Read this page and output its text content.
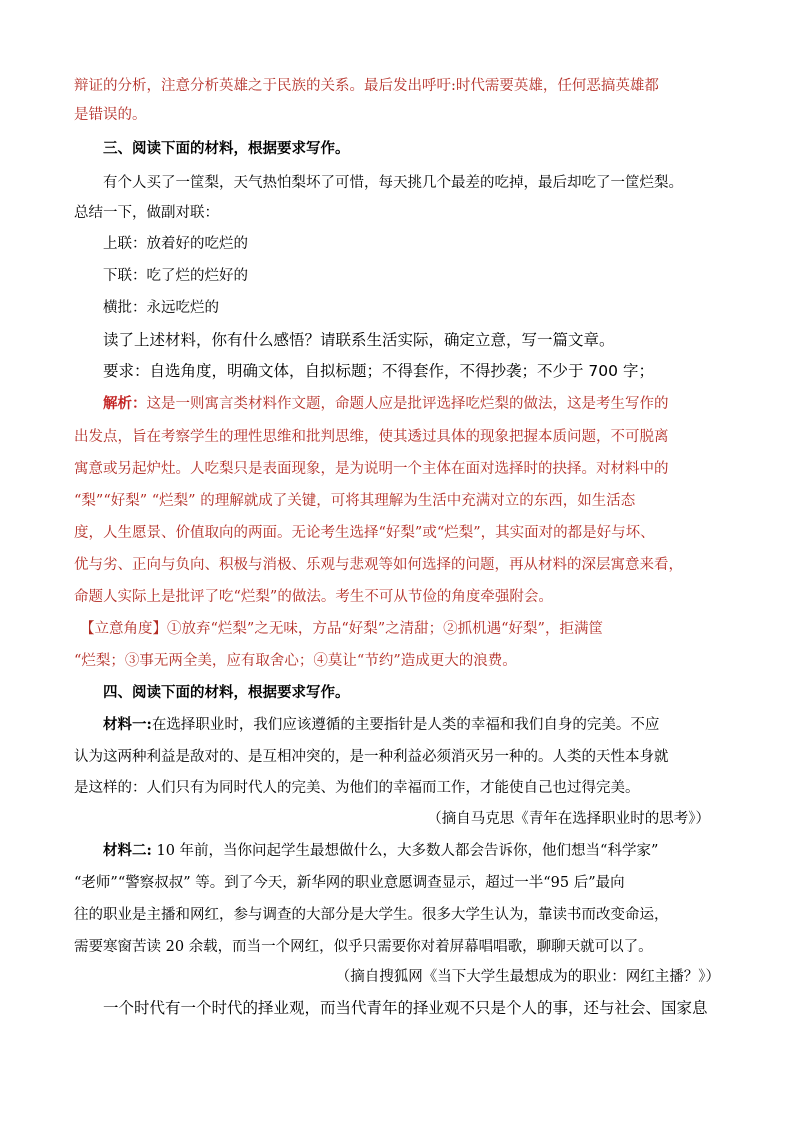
辩证的分析，注意分析英雄之于民族的关系。最后发出呼吁:时代需要英雄，任何恶搞英雄都
是错误的。
三、阅读下面的材料，根据要求写作。
有个人买了一筐梨，天气热怕梨坏了可惜，每天挑几个最差的吃掉，最后却吃了一筐烂梨。
总结一下，做副对联：
上联：放着好的吃烂的
下联：吃了烂的烂好的
横批：永远吃烂的
读了上述材料，你有什么感悟？请联系生活实际，确定立意，写一篇文章。
要求：自选角度，明确文体，自拟标题；不得套作，不得抄袭；不少于 700 字；
解析：这是一则寓言类材料作文题，命题人应是批评选择吃烂梨的做法，这是考生写作的
出发点，旨在考察学生的理性思维和批判思维，使其透过具体的现象把握本质问题，不可脱离
寓意或另起炉灶。人吃梨只是表面现象，是为说明一个主体在面对选择时的抉择。对材料中的
“梨”“好梨” “烂梨” 的理解就成了关键，可将其理解为生活中充满对立的东西，如生活态
度，人生愿景、价值取向的两面。无论考生选择“好梨”或“烂梨”，其实面对的都是好与坏、
优与劣、正向与负向、积极与消极、乐观与悲观等如何选择的问题，再从材料的深层寓意来看，
命题人实际上是批评了吃“烂梨”的做法。考生不可从节俭的角度牵强附会。
【立意角度】①放弃“烂梨”之无味，方品“好梨”之清甜；②抓机遇“好梨”，拒满筐
“烂梨；③事无两全美，应有取舍心；④莫让“节约”造成更大的浪费。
四、阅读下面的材料，根据要求写作。
材料一:在选择职业时，我们应该遵循的主要指针是人类的幸福和我们自身的完美。不应
认为这两种利益是敌对的、是互相冲突的，是一种利益必须消灭另一种的。人类的天性本身就
是这样的：人们只有为同时代人的完美、为他们的幸福而工作，才能使自己也过得完美。
（摘自马克思《青年在选择职业时的思考》）
材料二: 10 年前，当你问起学生最想做什么，大多数人都会告诉你，他们想当“科学家”
“老师”“警察叔叔” 等。到了今天，新华网的职业意愿调查显示，超过一半“95 后”最向
往的职业是主播和网红，参与调查的大部分是大学生。很多大学生认为，靠读书而改变命运，
需要寒窗苦读 20 余载，而当一个网红，似乎只需要你对着屏幕唱唱歌，聊聊天就可以了。
（摘自搜狐网《当下大学生最想成为的职业：网红主播？》）
一个时代有一个时代的择业观，而当代青年的择业观不只是个人的事，还与社会、国家息
